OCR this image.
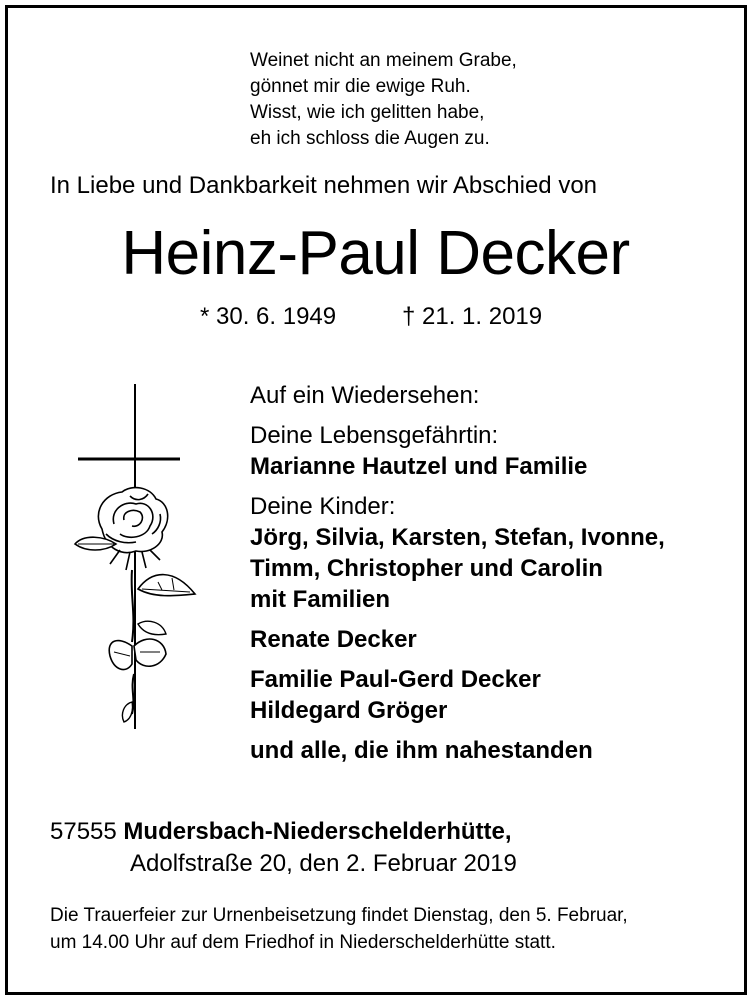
Weinet nicht an meinem Grabe,
gönnet mir die ewige Ruh.
Wisst, wie ich gelitten habe,
eh ich schloss die Augen zu.
In Liebe und Dankbarkeit nehmen wir Abschied von
Heinz-Paul Decker
* 30. 6. 1949	† 21. 1. 2019
Auf ein Wiedersehen:
Deine Lebensgefährtin:
Marianne Hautzel und Familie
Deine Kinder:
Jörg, Silvia, Karsten, Stefan, Ivonne,
Timm, Christopher und Carolin
mit Familien
Renate Decker
Familie Paul-Gerd Decker
Hildegard Gröger
und alle, die ihm nahestanden
57555 Mudersbach-Niederschelderhütte,
Adolfstraße 20, den 2. Februar 2019
Die Trauerfeier zur Urnenbeisetzung findet Dienstag, den 5. Februar,
um 14.00 Uhr auf dem Friedhof in Niederschelderhütte statt.
